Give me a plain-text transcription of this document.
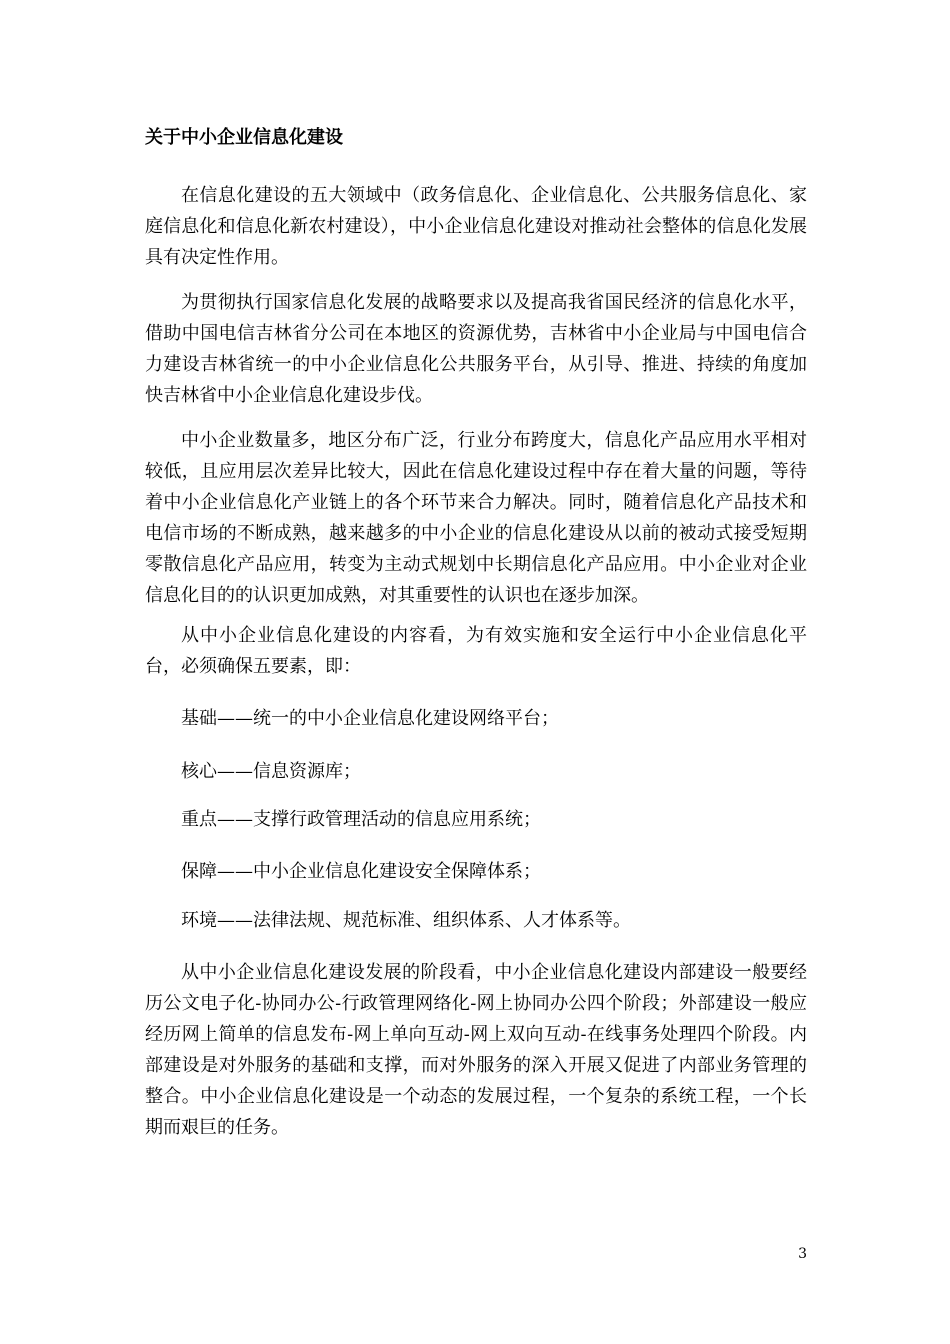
关于中小企业信息化建设

在信息化建设的五大领域中（政务信息化、企业信息化、公共服务信息化、家庭信息化和信息化新农村建设），中小企业信息化建设对推动社会整体的信息化发展具有决定性作用。

为贯彻执行国家信息化发展的战略要求以及提高我省国民经济的信息化水平，借助中国电信吉林省分公司在本地区的资源优势，吉林省中小企业局与中国电信合力建设吉林省统一的中小企业信息化公共服务平台，从引导、推进、持续的角度加快吉林省中小企业信息化建设步伐。

中小企业数量多，地区分布广泛，行业分布跨度大，信息化产品应用水平相对较低，且应用层次差异比较大，因此在信息化建设过程中存在着大量的问题，等待着中小企业信息化产业链上的各个环节来合力解决。同时，随着信息化产品技术和电信市场的不断成熟，越来越多的中小企业的信息化建设从以前的被动式接受短期零散信息化产品应用，转变为主动式规划中长期信息化产品应用。中小企业对企业信息化目的的认识更加成熟，对其重要性的认识也在逐步加深。

从中小企业信息化建设的内容看，为有效实施和安全运行中小企业信息化平台，必须确保五要素，即：

基础——统一的中小企业信息化建设网络平台；

核心——信息资源库；

重点——支撑行政管理活动的信息应用系统；

保障——中小企业信息化建设安全保障体系；

环境——法律法规、规范标准、组织体系、人才体系等。

从中小企业信息化建设发展的阶段看，中小企业信息化建设内部建设一般要经历公文电子化-协同办公-行政管理网络化-网上协同办公四个阶段；外部建设一般应经历网上简单的信息发布-网上单向互动-网上双向互动-在线事务处理四个阶段。内部建设是对外服务的基础和支撑，而对外服务的深入开展又促进了内部业务管理的整合。中小企业信息化建设是一个动态的发展过程，一个复杂的系统工程，一个长期而艰巨的任务。

3
